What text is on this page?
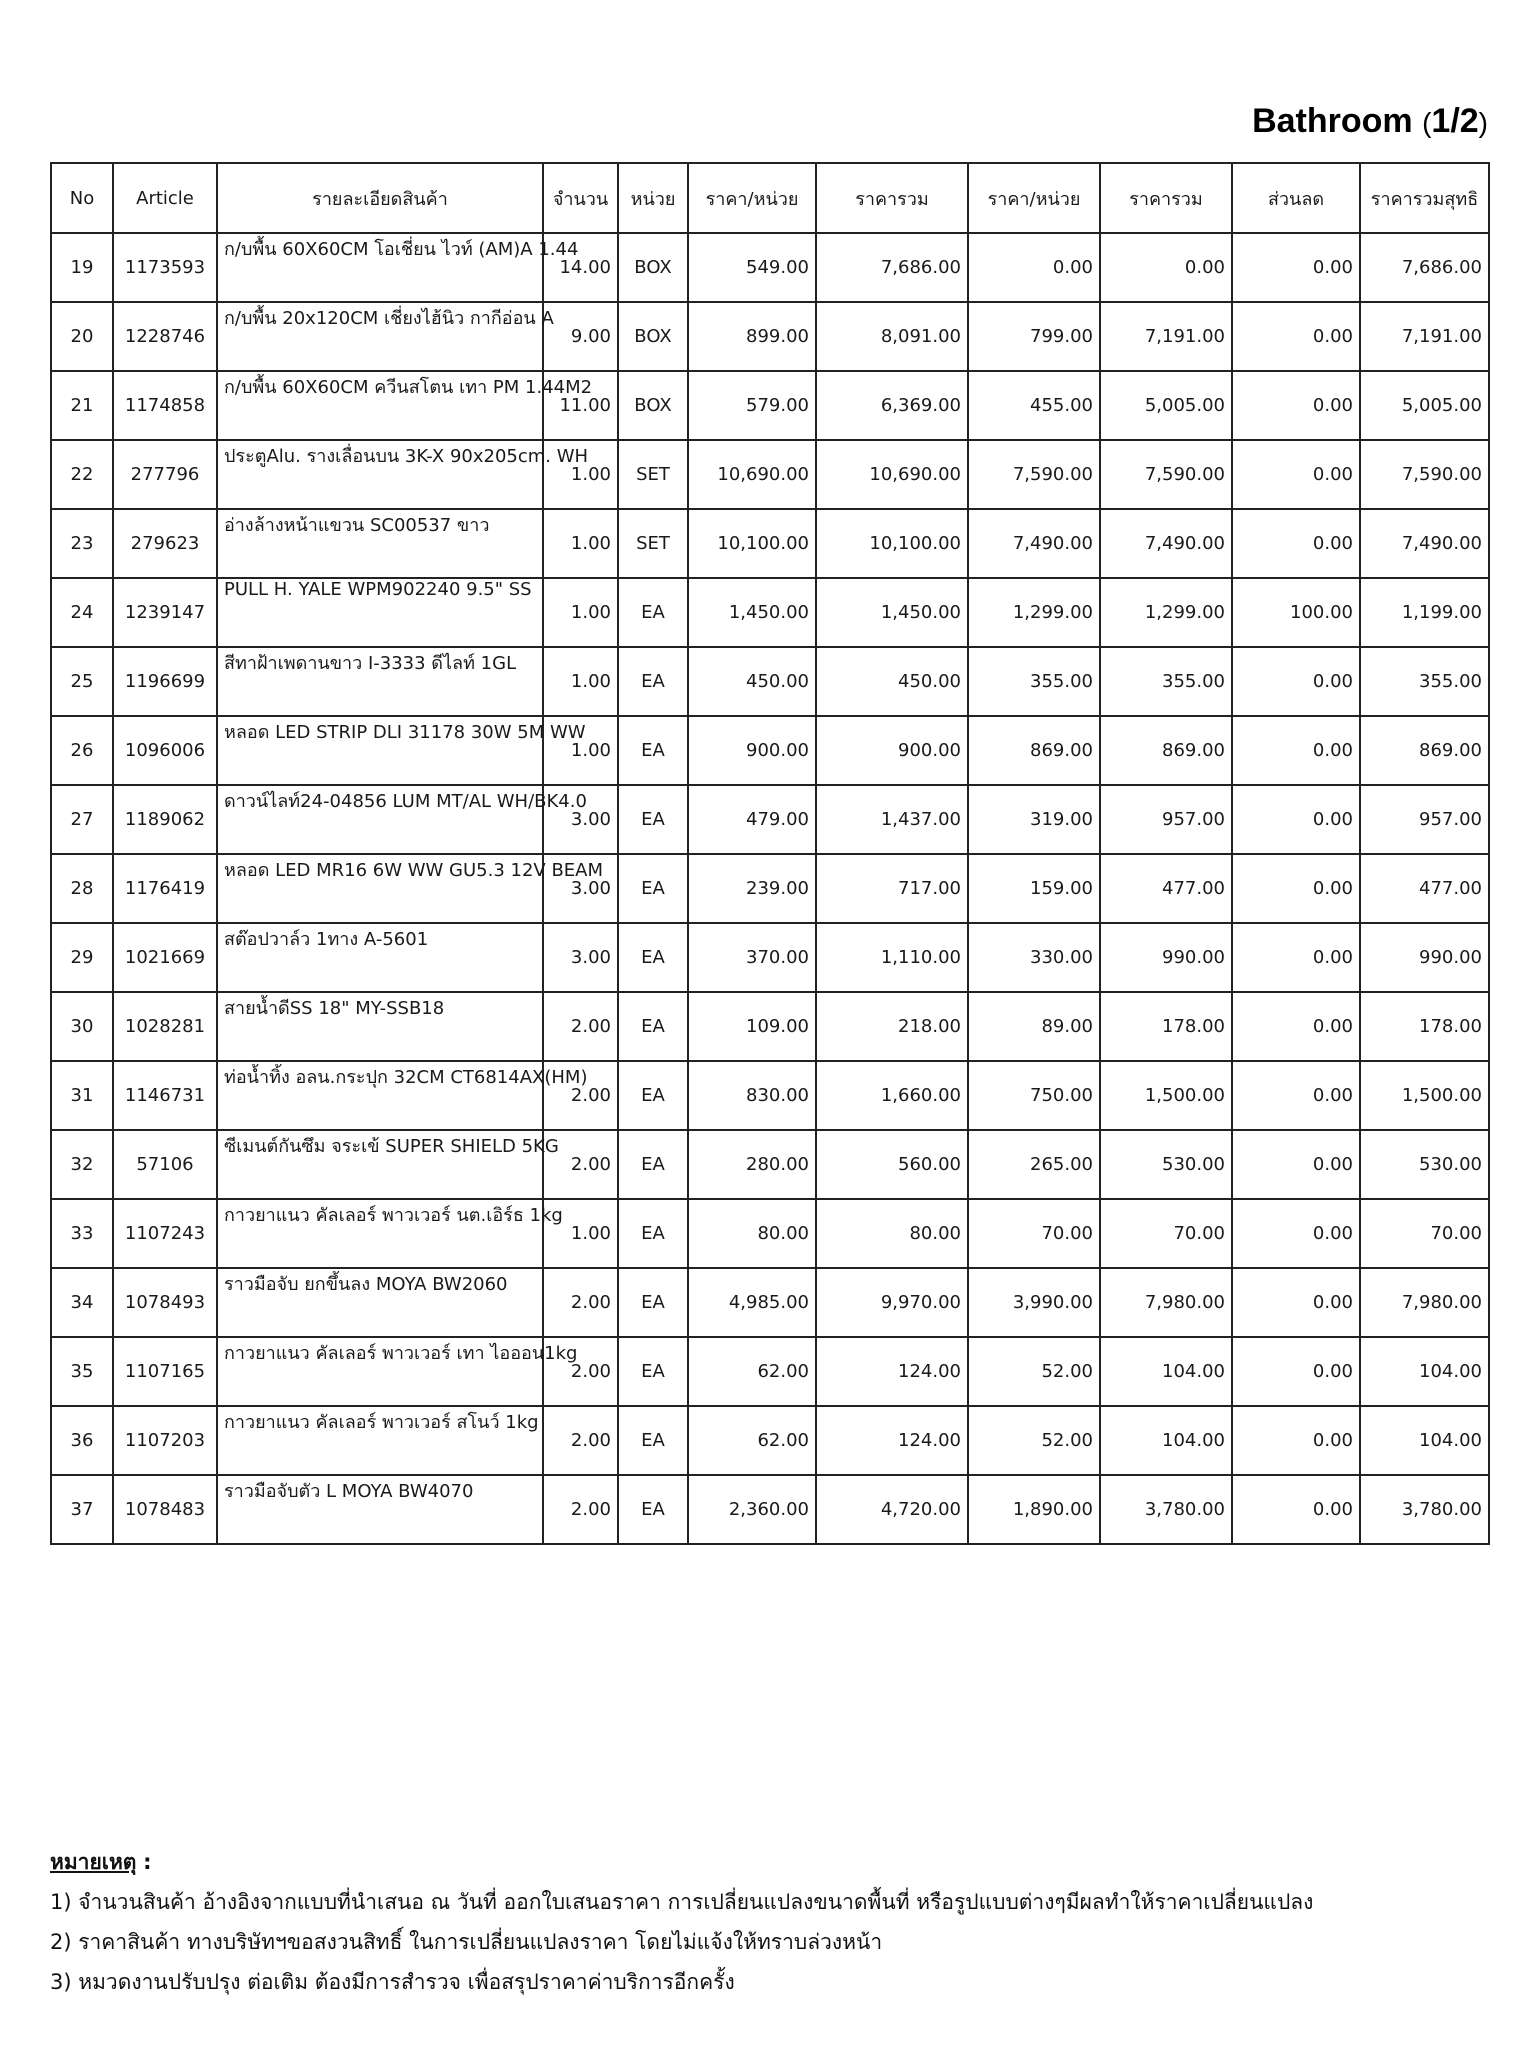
Bathroom (1/2)
No	Article	รายละเอียดสินค้า	จำนวน	หน่วย	ราคา/หน่วย	ราคารวม	ราคา/หน่วย	ราคารวม	ส่วนลด	ราคารวมสุทธิ
19	1173593	ก/บพื้น 60X60CM โอเชี่ยน ไวท์ (AM)A 1.44	14.00	BOX	549.00	7,686.00	0.00	0.00	0.00	7,686.00
20	1228746	ก/บพื้น 20x120CM เชี่ยงไฮ้นิว กากีอ่อน A	9.00	BOX	899.00	8,091.00	799.00	7,191.00	0.00	7,191.00
21	1174858	ก/บพื้น 60X60CM ควีนสโตน เทา PM 1.44M2	11.00	BOX	579.00	6,369.00	455.00	5,005.00	0.00	5,005.00
22	277796	ประตูAlu. รางเลื่อนบน 3K-X 90x205cm. WH	1.00	SET	10,690.00	10,690.00	7,590.00	7,590.00	0.00	7,590.00
23	279623	อ่างล้างหน้าแขวน SC00537 ขาว	1.00	SET	10,100.00	10,100.00	7,490.00	7,490.00	0.00	7,490.00
24	1239147	PULL H. YALE WPM902240 9.5" SS	1.00	EA	1,450.00	1,450.00	1,299.00	1,299.00	100.00	1,199.00
25	1196699	สีทาฝ้าเพดานขาว I-3333 ดีไลท์ 1GL	1.00	EA	450.00	450.00	355.00	355.00	0.00	355.00
26	1096006	หลอด LED STRIP DLI 31178 30W 5M WW	1.00	EA	900.00	900.00	869.00	869.00	0.00	869.00
27	1189062	ดาวน์ไลท์24-04856 LUM MT/AL WH/BK4.0	3.00	EA	479.00	1,437.00	319.00	957.00	0.00	957.00
28	1176419	หลอด LED MR16 6W WW GU5.3 12V BEAM	3.00	EA	239.00	717.00	159.00	477.00	0.00	477.00
29	1021669	สต๊อปวาล์ว 1ทาง A-5601	3.00	EA	370.00	1,110.00	330.00	990.00	0.00	990.00
30	1028281	สายน้ำดีSS 18" MY-SSB18	2.00	EA	109.00	218.00	89.00	178.00	0.00	178.00
31	1146731	ท่อน้ำทิ้ง อลน.กระปุก 32CM CT6814AX(HM)	2.00	EA	830.00	1,660.00	750.00	1,500.00	0.00	1,500.00
32	57106	ซีเมนต์กันซึม จระเข้ SUPER SHIELD 5KG	2.00	EA	280.00	560.00	265.00	530.00	0.00	530.00
33	1107243	กาวยาแนว คัลเลอร์ พาวเวอร์ นต.เอิร์ธ 1kg	1.00	EA	80.00	80.00	70.00	70.00	0.00	70.00
34	1078493	ราวมือจับ ยกขึ้นลง MOYA BW2060	2.00	EA	4,985.00	9,970.00	3,990.00	7,980.00	0.00	7,980.00
35	1107165	กาวยาแนว คัลเลอร์ พาวเวอร์ เทา ไอออน1kg	2.00	EA	62.00	124.00	52.00	104.00	0.00	104.00
36	1107203	กาวยาแนว คัลเลอร์ พาวเวอร์ สโนว์ 1kg	2.00	EA	62.00	124.00	52.00	104.00	0.00	104.00
37	1078483	ราวมือจับตัว L MOYA BW4070	2.00	EA	2,360.00	4,720.00	1,890.00	3,780.00	0.00	3,780.00
หมายเหตุ :
1) จำนวนสินค้า อ้างอิงจากแบบที่นำเสนอ ณ วันที่ ออกใบเสนอราคา การเปลี่ยนแปลงขนาดพื้นที่ หรือรูปแบบต่างๆมีผลทำให้ราคาเปลี่ยนแปลง
2) ราคาสินค้า ทางบริษัทฯขอสงวนสิทธิ์ ในการเปลี่ยนแปลงราคา โดยไม่แจ้งให้ทราบล่วงหน้า
3) หมวดงานปรับปรุง ต่อเติม ต้องมีการสำรวจ เพื่อสรุปราคาค่าบริการอีกครั้ง
